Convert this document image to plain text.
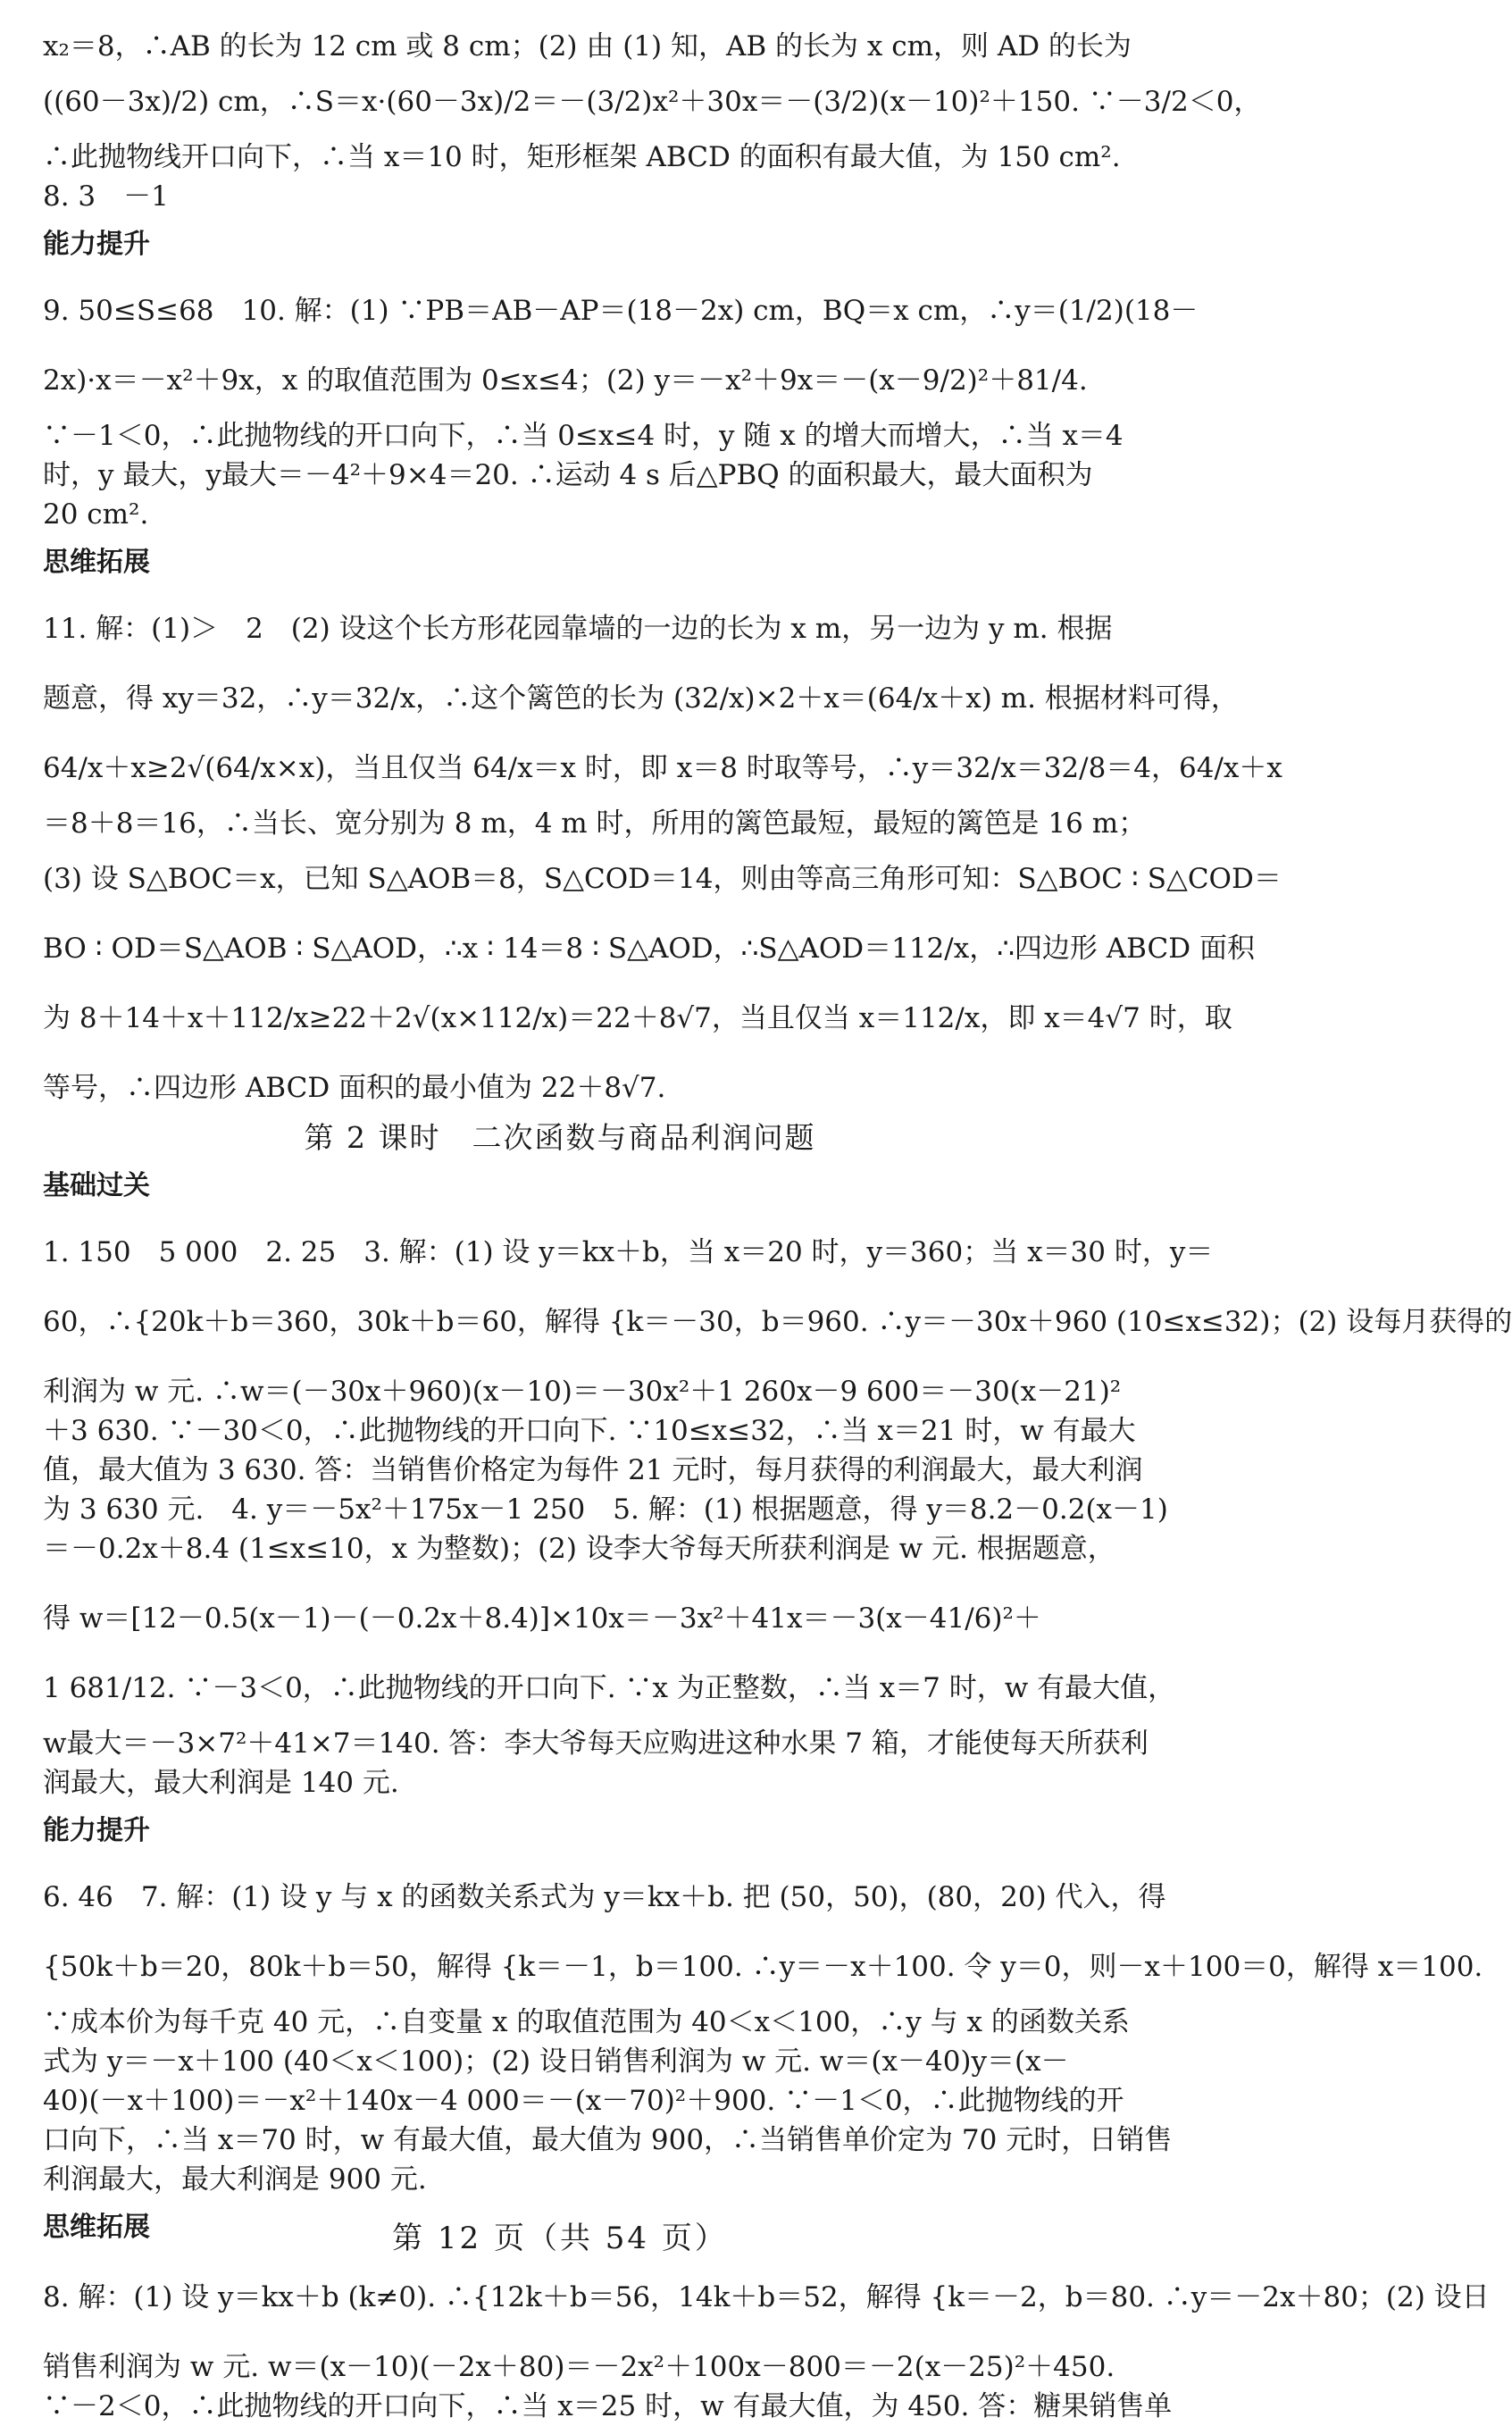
x₂＝8，∴AB 的长为 12 cm 或 8 cm；(2) 由 (1) 知，AB 的长为 x cm，则 AD 的长为

((60－3x)/2) cm，∴S＝x·(60－3x)/2＝－(3/2)x²＋30x＝－(3/2)(x－10)²＋150. ∵－3/2＜0，

∴此抛物线开口向下，∴当 x＝10 时，矩形框架 ABCD 的面积有最大值，为 150 cm².

8. 3　－1

能力提升

9. 50≤S≤68　10. 解：(1) ∵PB＝AB－AP＝(18－2x) cm，BQ＝x cm，∴y＝(1/2)(18－

2x)·x＝－x²＋9x，x 的取值范围为 0≤x≤4；(2) y＝－x²＋9x＝－(x－9/2)²＋81/4.

∵－1＜0，∴此抛物线的开口向下，∴当 0≤x≤4 时，y 随 x 的增大而增大，∴当 x＝4

时，y 最大，y最大＝－4²＋9×4＝20. ∴运动 4 s 后△PBQ 的面积最大，最大面积为

20 cm².

思维拓展

11. 解：(1)＞　2　(2) 设这个长方形花园靠墙的一边的长为 x m，另一边为 y m. 根据

题意，得 xy＝32，∴y＝32/x，∴这个篱笆的长为 (32/x)×2＋x＝(64/x＋x) m. 根据材料可得，

64/x＋x≥2√(64/x×x)，当且仅当 64/x＝x 时，即 x＝8 时取等号，∴y＝32/x＝32/8＝4，64/x＋x

＝8＋8＝16，∴当长、宽分别为 8 m，4 m 时，所用的篱笆最短，最短的篱笆是 16 m；

(3) 设 S△BOC＝x，已知 S△AOB＝8，S△COD＝14，则由等高三角形可知：S△BOC ∶ S△COD＝

BO ∶ OD＝S△AOB ∶ S△AOD，∴x ∶ 14＝8 ∶ S△AOD，∴S△AOD＝112/x，∴四边形 ABCD 面积

为 8＋14＋x＋112/x≥22＋2√(x×112/x)＝22＋8√7，当且仅当 x＝112/x，即 x＝4√7 时，取

等号，∴四边形 ABCD 面积的最小值为 22＋8√7.

第 2 课时　二次函数与商品利润问题

基础过关

1. 150　5 000　2. 25　3. 解：(1) 设 y＝kx＋b，当 x＝20 时，y＝360；当 x＝30 时，y＝

60，∴{20k＋b＝360，30k＋b＝60，解得 {k＝－30，b＝960. ∴y＝－30x＋960 (10≤x≤32)；(2) 设每月获得的

利润为 w 元. ∴w＝(－30x＋960)(x－10)＝－30x²＋1 260x－9 600＝－30(x－21)²

＋3 630. ∵－30＜0，∴此抛物线的开口向下. ∵10≤x≤32，∴当 x＝21 时，w 有最大

值，最大值为 3 630. 答：当销售价格定为每件 21 元时，每月获得的利润最大，最大利润

为 3 630 元.　4. y＝－5x²＋175x－1 250　5. 解：(1) 根据题意，得 y＝8.2－0.2(x－1)

＝－0.2x＋8.4 (1≤x≤10，x 为整数)；(2) 设李大爷每天所获利润是 w 元. 根据题意，

得 w＝[12－0.5(x－1)－(－0.2x＋8.4)]×10x＝－3x²＋41x＝－3(x－41/6)²＋

1 681/12. ∵－3＜0，∴此抛物线的开口向下. ∵x 为正整数，∴当 x＝7 时，w 有最大值，

w最大＝－3×7²＋41×7＝140. 答：李大爷每天应购进这种水果 7 箱，才能使每天所获利

润最大，最大利润是 140 元.

能力提升

6. 46　7. 解：(1) 设 y 与 x 的函数关系式为 y＝kx＋b. 把 (50，50)，(80，20) 代入，得

{50k＋b＝20，80k＋b＝50，解得 {k＝－1，b＝100. ∴y＝－x＋100. 令 y＝0，则－x＋100＝0，解得 x＝100.

∵成本价为每千克 40 元，∴自变量 x 的取值范围为 40＜x＜100，∴y 与 x 的函数关系

式为 y＝－x＋100 (40＜x＜100)；(2) 设日销售利润为 w 元. w＝(x－40)y＝(x－

40)(－x＋100)＝－x²＋140x－4 000＝－(x－70)²＋900. ∵－1＜0，∴此抛物线的开

口向下，∴当 x＝70 时，w 有最大值，最大值为 900，∴当销售单价定为 70 元时，日销售

利润最大，最大利润是 900 元.

思维拓展

8. 解：(1) 设 y＝kx＋b (k≠0). ∴{12k＋b＝56，14k＋b＝52，解得 {k＝－2，b＝80. ∴y＝－2x＋80；(2) 设日

销售利润为 w 元. w＝(x－10)(－2x＋80)＝－2x²＋100x－800＝－2(x－25)²＋450.

∵－2＜0，∴此抛物线的开口向下，∴当 x＝25 时，w 有最大值，为 450. 答：糖果销售单

第 12 页（共 54 页）
